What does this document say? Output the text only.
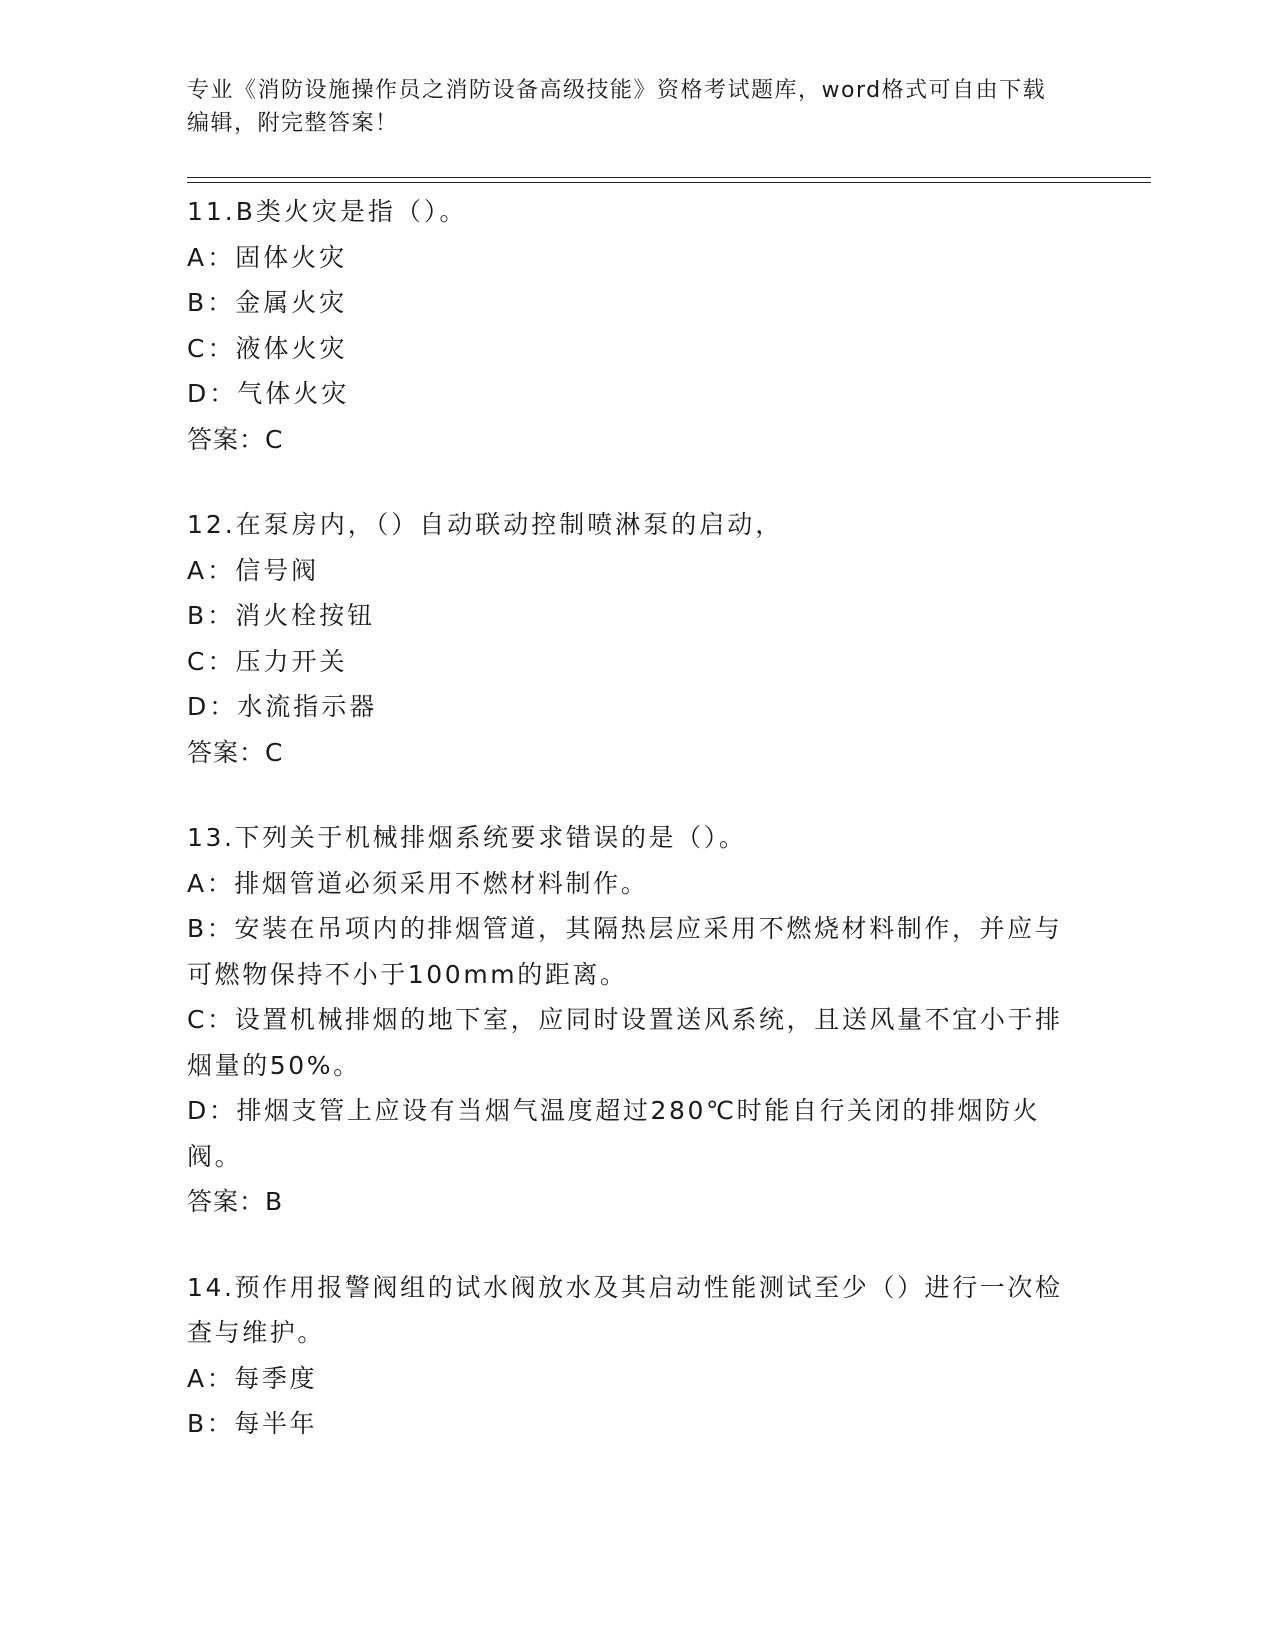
专业《消防设施操作员之消防设备高级技能》资格考试题库，word格式可自由下载编辑，附完整答案！

11.B类火灾是指（）。

A：固体火灾

B：金属火灾

C：液体火灾

D：气体火灾

答案：C

12.在泵房内，（）自动联动控制喷淋泵的启动，

A：信号阀

B：消火栓按钮

C：压力开关

D：水流指示器

答案：C

13.下列关于机械排烟系统要求错误的是（）。

A：排烟管道必须采用不燃材料制作。

B：安装在吊项内的排烟管道，其隔热层应采用不燃烧材料制作，并应与可燃物保持不小于100mm的距离。

C：设置机械排烟的地下室，应同时设置送风系统，且送风量不宜小于排烟量的50%。

D：排烟支管上应设有当烟气温度超过280℃时能自行关闭的排烟防火阀。

答案：B

14.预作用报警阀组的试水阀放水及其启动性能测试至少（）进行一次检查与维护。

A：每季度

B：每半年
